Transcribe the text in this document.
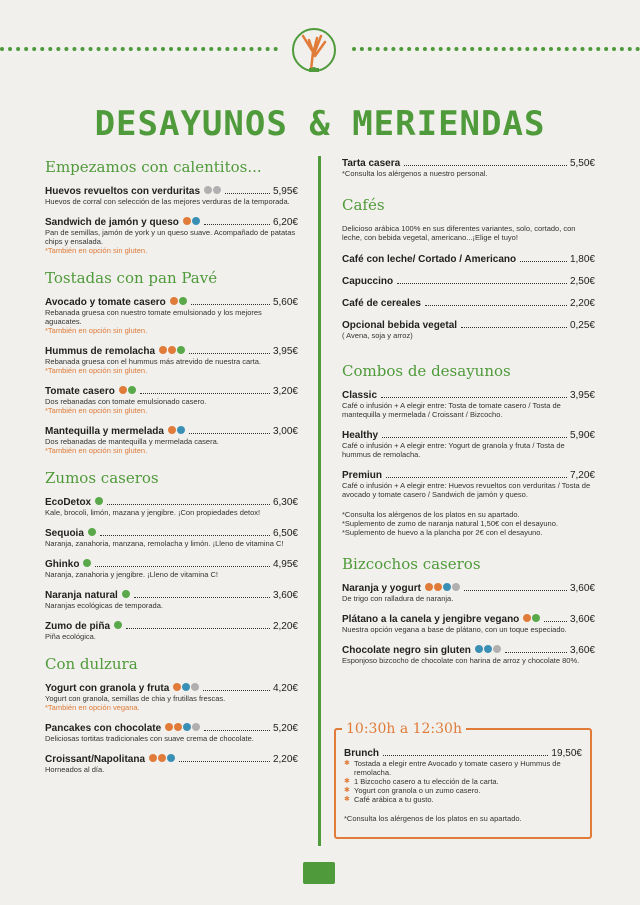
DESAYUNOS & MERIENDAS
Empezamos con calentitos...
Huevos revueltos con verduritas	5,95€
Huevos de corral con selección de las mejores verduras de la temporada.
Sandwich de jamón y queso	6,20€
Pan de semillas, jamón de york y un queso suave. Acompañado de patatas chips y ensalada.
*También en opción sin gluten.
Tostadas con pan Pavé
Avocado y tomate casero	5,60€
Rebanada gruesa con nuestro tomate emulsionado y los mejores aguacates.
*También en opción sin gluten.
Hummus de remolacha	3,95€
Rebanada gruesa con el hummus más atrevido de nuestra carta.
*También en opción sin gluten.
Tomate casero	3,20€
Dos rebanadas con tomate emulsionado casero.
*También en opción sin gluten.
Mantequilla y mermelada	3,00€
Dos rebanadas de mantequilla y mermelada casera.
*También en opción sin gluten.
Zumos caseros
EcoDetox	6,30€
Kale, brocoli, limón, mazana y jengibre. ¡Con propiedades detox!
Sequoia	6,50€
Naranja, zanahoria, manzana, remolacha y limón. ¡Lleno de vitamina C!
Ghinko	4,95€
Naranja, zanahoria y jengibre. ¡Lleno de vitamina C!
Naranja natural	3,60€
Naranjas ecológicas de temporada.
Zumo de piña	2,20€
Piña ecológica.
Con dulzura
Yogurt con granola y fruta	4,20€
Yogurt con granola, semillas de chia y frutillas frescas.
*También en opción vegana.
Pancakes con chocolate	5,20€
Deliciosas tortitas tradicionales con suave crema de chocolate.
Croissant/Napolitana	2,20€
Horneados al día.
Tarta casera	5,50€
*Consulta los alérgenos a nuestro personal.
Cafés
Delicioso arábica 100% en sus diferentes variantes, solo, cortado, con leche, con bebida vegetal, americano...¡Elige el tuyo!
Café con leche/ Cortado / Americano	1,80€
Capuccino	2,50€
Café de cereales	2,20€
Opcional bebida vegetal	0,25€
( Avena, soja y arroz)
Combos de desayunos
Classic	3,95€
Café o infusión + A elegir entre: Tosta de tomate casero / Tosta de mantequilla y mermelada / Croissant / Bizcocho.
Healthy	5,90€
Café o infusión + A elegir entre: Yogurt de granola y fruta / Tosta de hummus de remolacha.
Premiun	7,20€
Café o infusión + A elegir entre: Huevos revueltos con verduritas / Tosta de avocado y tomate casero / Sandwich de jamón y queso.
*Consulta los alérgenos de los platos en su apartado.
*Suplemento de zumo de naranja natural 1,50€ con el desayuno.
*Suplemento de huevo a la plancha por 2€ con el desayuno.
Bizcochos caseros
Naranja y yogurt	3,60€
De trigo con ralladura de naranja.
Plátano a la canela y jengibre vegano	3,60€
Nuestra opción vegana a base de plátano, con un toque especiado.
Chocolate negro sin gluten	3,60€
Esponjoso bizcocho de chocolate con harina de arroz y chocolate 80%.
10:30h a 12:30h
Brunch	19,50€
✱ Tostada a elegir entre Avocado y tomate casero y Hummus de remolacha.
✱ 1 Bizcocho casero a tu elección de la carta.
✱ Yogurt con granola o un zumo casero.
✱ Café arábica a tu gusto.
*Consulta los alérgenos de los platos en su apartado.
